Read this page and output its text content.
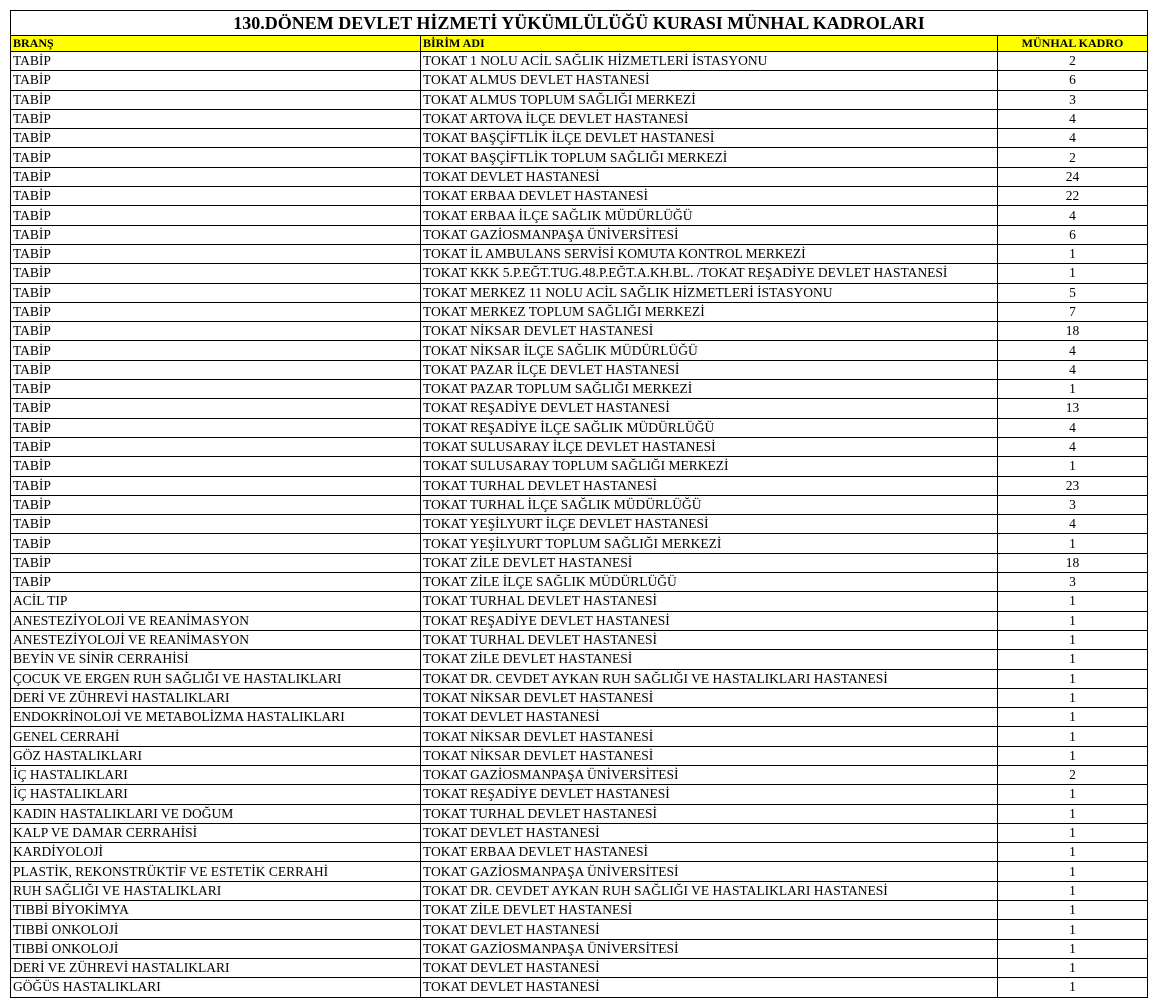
130.DÖNEM DEVLET HİZMETİ YÜKÜMLÜLÜĞÜ KURASI MÜNHAL KADROLARI		
BRANŞ	BİRİM ADI	MÜNHAL KADRO
TABİP	TOKAT 1 NOLU ACİL SAĞLIK HİZMETLERİ İSTASYONU	2
TABİP	TOKAT ALMUS DEVLET HASTANESİ	6
TABİP	TOKAT ALMUS TOPLUM SAĞLIĞI MERKEZİ	3
TABİP	TOKAT ARTOVA İLÇE DEVLET HASTANESİ	4
TABİP	TOKAT BAŞÇİFTLİK İLÇE DEVLET HASTANESİ	4
TABİP	TOKAT BAŞÇİFTLİK TOPLUM SAĞLIĞI MERKEZİ	2
TABİP	TOKAT DEVLET HASTANESİ	24
TABİP	TOKAT ERBAA DEVLET HASTANESİ	22
TABİP	TOKAT ERBAA İLÇE SAĞLIK MÜDÜRLÜĞÜ	4
TABİP	TOKAT GAZİOSMANPAŞA ÜNİVERSİTESİ	6
TABİP	TOKAT İL AMBULANS SERVİSİ KOMUTA KONTROL MERKEZİ	1
TABİP	TOKAT KKK 5.P.EĞT.TUG.48.P.EĞT.A.KH.BL. /TOKAT REŞADİYE DEVLET HASTANESİ	1
TABİP	TOKAT MERKEZ 11 NOLU ACİL SAĞLIK HİZMETLERİ İSTASYONU	5
TABİP	TOKAT MERKEZ TOPLUM SAĞLIĞI MERKEZİ	7
TABİP	TOKAT NİKSAR DEVLET HASTANESİ	18
TABİP	TOKAT NİKSAR İLÇE SAĞLIK MÜDÜRLÜĞÜ	4
TABİP	TOKAT PAZAR İLÇE DEVLET HASTANESİ	4
TABİP	TOKAT PAZAR TOPLUM SAĞLIĞI MERKEZİ	1
TABİP	TOKAT REŞADİYE DEVLET HASTANESİ	13
TABİP	TOKAT REŞADİYE İLÇE SAĞLIK MÜDÜRLÜĞÜ	4
TABİP	TOKAT SULUSARAY İLÇE DEVLET HASTANESİ	4
TABİP	TOKAT SULUSARAY TOPLUM SAĞLIĞI MERKEZİ	1
TABİP	TOKAT TURHAL DEVLET HASTANESİ	23
TABİP	TOKAT TURHAL İLÇE SAĞLIK MÜDÜRLÜĞÜ	3
TABİP	TOKAT YEŞİLYURT İLÇE DEVLET HASTANESİ	4
TABİP	TOKAT YEŞİLYURT TOPLUM SAĞLIĞI MERKEZİ	1
TABİP	TOKAT ZİLE DEVLET HASTANESİ	18
TABİP	TOKAT ZİLE İLÇE SAĞLIK MÜDÜRLÜĞÜ	3
ACİL TIP	TOKAT TURHAL DEVLET HASTANESİ	1
ANESTEZİYOLOJİ VE REANİMASYON	TOKAT REŞADİYE DEVLET HASTANESİ	1
ANESTEZİYOLOJİ VE REANİMASYON	TOKAT TURHAL DEVLET HASTANESİ	1
BEYİN VE SİNİR CERRAHİSİ	TOKAT ZİLE DEVLET HASTANESİ	1
ÇOCUK VE ERGEN RUH SAĞLIĞI VE HASTALIKLARI	TOKAT DR. CEVDET AYKAN RUH SAĞLIĞI VE HASTALIKLARI HASTANESİ	1
DERİ VE ZÜHREVİ HASTALIKLARI	TOKAT NİKSAR DEVLET HASTANESİ	1
ENDOKRİNOLOJİ VE METABOLİZMA HASTALIKLARI	TOKAT DEVLET HASTANESİ	1
GENEL CERRAHİ	TOKAT NİKSAR DEVLET HASTANESİ	1
GÖZ HASTALIKLARI	TOKAT NİKSAR DEVLET HASTANESİ	1
İÇ HASTALIKLARI	TOKAT GAZİOSMANPAŞA ÜNİVERSİTESİ	2
İÇ HASTALIKLARI	TOKAT REŞADİYE DEVLET HASTANESİ	1
KADIN HASTALIKLARI VE DOĞUM	TOKAT TURHAL DEVLET HASTANESİ	1
KALP VE DAMAR CERRAHİSİ	TOKAT DEVLET HASTANESİ	1
KARDİYOLOJİ	TOKAT ERBAA DEVLET HASTANESİ	1
PLASTİK, REKONSTRÜKTİF VE ESTETİK CERRAHİ	TOKAT GAZİOSMANPAŞA ÜNİVERSİTESİ	1
RUH SAĞLIĞI VE HASTALIKLARI	TOKAT DR. CEVDET AYKAN RUH SAĞLIĞI VE HASTALIKLARI HASTANESİ	1
TIBBİ BİYOKİMYA	TOKAT ZİLE DEVLET HASTANESİ	1
TIBBİ ONKOLOJİ	TOKAT DEVLET HASTANESİ	1
TIBBİ ONKOLOJİ	TOKAT GAZİOSMANPAŞA ÜNİVERSİTESİ	1
DERİ VE ZÜHREVİ HASTALIKLARI	TOKAT DEVLET HASTANESİ	1
GÖĞÜS HASTALIKLARI	TOKAT DEVLET HASTANESİ	1
